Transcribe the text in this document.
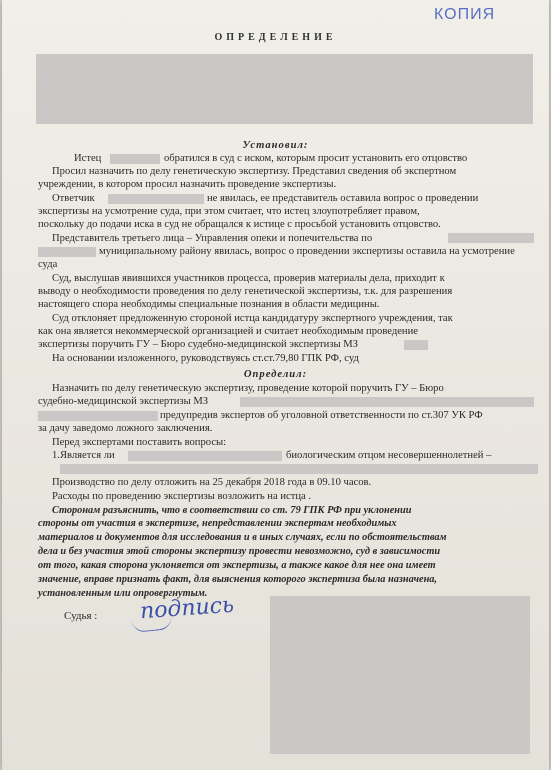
КОПИЯ
ОПРЕДЕЛЕНИЕ
Установил:
Истец	обратился в суд с иском, которым просит установить его отцовство
Просил назначить по делу генетическую экспертизу. Представил сведения об экспертном
учреждении, в котором просил назначить проведение экспертизы.
Ответчик	не явилась, ее представитель оставила вопрос о проведении
экспертизы на усмотрение суда, при этом считает, что истец злоупотребляет правом,
поскольку до подачи иска в суд не обращался к истице с просьбой установить отцовство.
Представитель третьего лица – Управления опеки и попечительства по
муниципальному району явилась, вопрос о проведении экспертизы оставила на усмотрение
суда
Суд, выслушав явившихся участников процесса, проверив материалы дела, приходит к
выводу о необходимости проведения по делу генетической экспертизы, т.к. для разрешения
настоящего спора необходимы специальные познания в области медицины.
Суд отклоняет предложенную стороной истца кандидатуру экспертного учреждения, так
как она является некоммерческой организацией и считает необходимым проведение
экспертизы поручить ГУ – Бюро судебно-медицинской экспертизы МЗ
На основании изложенного, руководствуясь ст.ст.79,80 ГПК РФ, суд
Определил:
Назначить по делу генетическую экспертизу, проведение которой поручить ГУ – Бюро
судебно-медицинской экспертизы МЗ
предупредив экспертов об уголовной ответственности по ст.307 УК РФ
за дачу заведомо ложного заключения.
Перед экспертами поставить вопросы:
1.Является ли	биологическим отцом несовершеннолетней –
Производство по делу отложить на 25 декабря 2018 года в 09.10 часов.
Расходы по проведению экспертизы возложить на истца .
Сторонам разъяснить, что в соответствии со ст. 79 ГПК РФ при уклонении
стороны от участия в экспертизе, непредставлении экспертам необходимых
материалов и документов для исследования и в иных случаях, если по обстоятельствам
дела и без участия этой стороны экспертизу провести невозможно, суд в зависимости
от того, какая сторона уклоняется от экспертизы, а также какое для нее она имеет
значение, вправе признать факт, для выяснения которого экспертиза была назначена,
установленным или опровергнутым.
Судья : подпись
